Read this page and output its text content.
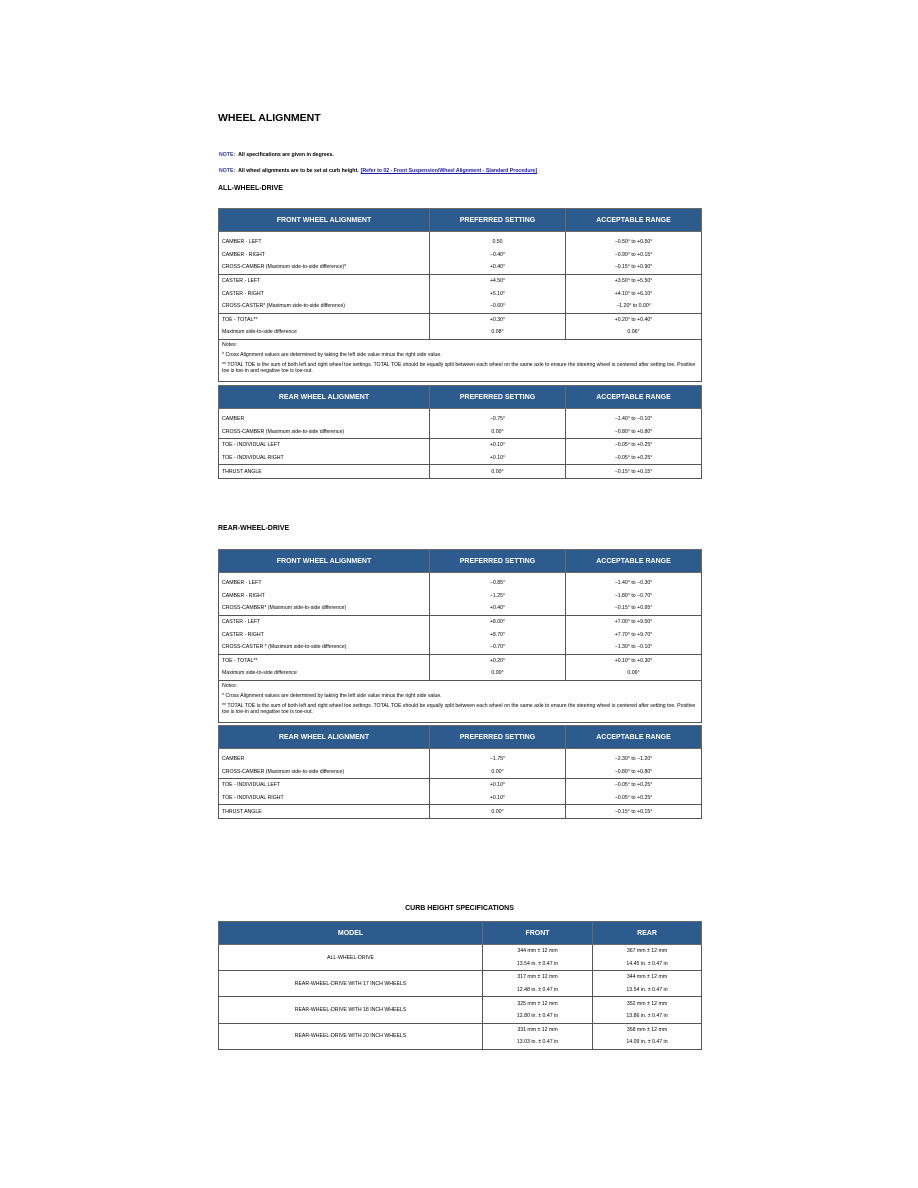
WHEEL ALIGNMENT
NOTE: All specifications are given in degrees.
NOTE: All wheel alignments are to be set at curb height. [Refer to 02 - Front Suspension/Wheel Alignment - Standard Procedure]
ALL-WHEEL-DRIVE
FRONT WHEEL ALIGNMENT	PREFERRED SETTING	ACCEPTABLE RANGE

CAMBER - LEFT	0.50	−0.50° to +0.50°
CAMBER - RIGHT	−0.40°	−0.90° to +0.15°
CROSS-CAMBER (Maximum side-to-side difference)*	+0.40°	−0.15° to +0.90°
CASTER - LEFT	+4.50°	+3.50° to +5.50°
CASTER - RIGHT	+5.10°	+4.10° to +6.10°
CROSS-CASTER* (Maximum side-to-side difference)	−0.60°	−1.20° to 0.00°
TOE - TOTAL**	+0.30°	+0.20° to +0.40°
Maximum side-to-side difference	0.08°	0.06°

Notes:
* Cross Alignment values are determined by taking the left side value minus the right side value.
** TOTAL TOE is the sum of both left and right wheel toe settings. TOTAL TOE should be equally split between each wheel on the same axle to ensure the steering wheel is centered after setting toe. Positive toe is toe-in and negative toe is toe-out.		
REAR WHEEL ALIGNMENT	PREFERRED SETTING	ACCEPTABLE RANGE

CAMBER	−0.75°	−1.40° to −0.10°
CROSS-CAMBER (Maximum side-to-side difference)	0.00°	−0.80° to +0.80°
TOE - INDIVIDUAL LEFT	+0.10°	−0.05° to +0.25°
TOE - INDIVIDUAL RIGHT	+0.10°	−0.05° to +0.25°
THRUST ANGLE	0.00°	−0.15° to +0.15°
REAR-WHEEL-DRIVE
FRONT WHEEL ALIGNMENT	PREFERRED SETTING	ACCEPTABLE RANGE

CAMBER - LEFT	−0.85°	−1.40° to −0.30°
CAMBER - RIGHT	−1.25°	−1.80° to −0.70°
CROSS-CAMBER* (Maximum side-to-side difference)	+0.40°	−0.15° to +0.95°
CASTER - LEFT	+8.00°	+7.00° to +9.00°
CASTER - RIGHT	+8.70°	+7.70° to +9.70°
CROSS-CASTER * (Maximum side-to-side difference)	−0.70°	−1.30° to −0.10°
TOE - TOTAL**	+0.20°	+0.10° to +0.30°
Maximum side-to-side difference	0.00°	0.06°

Notes:
* Cross Alignment values are determined by taking the left side value minus the right side value.
** TOTAL TOE is the sum of both left and right wheel toe settings. TOTAL TOE should be equally split between each wheel on the same axle to ensure the steering wheel is centered after setting toe. Positive toe is toe-in and negative toe is toe-out.		
REAR WHEEL ALIGNMENT	PREFERRED SETTING	ACCEPTABLE RANGE

CAMBER	−1.75°	−2.30° to −1.20°
CROSS-CAMBER (Maximum side-to-side difference)	0.00°	−0.80° to +0.80°
TOE - INDIVIDUAL LEFT	+0.10°	−0.05° to +0.25°
TOE - INDIVIDUAL RIGHT	+0.10°	−0.05° to +0.25°
THRUST ANGLE	0.00°	−0.15° to +0.15°
CURB HEIGHT SPECIFICATIONS
MODEL	FRONT	REAR
ALL-WHEEL-DRIVE	344 mm ± 12 mm	367 mm ± 12 mm
	13.54 in. ± 0.47 in	14.45 in. ± 0.47 in
REAR-WHEEL-DRIVE WITH 17 INCH WHEELS	317 mm ± 12 mm	344 mm ± 12 mm
	12.48 in. ± 0.47 in	13.54 in. ± 0.47 in
REAR-WHEEL-DRIVE WITH 18 INCH WHEELS	325 mm ± 12 mm	352 mm ± 12 mm
	12.80 in. ± 0.47 in	13.86 in. ± 0.47 in
REAR-WHEEL-DRIVE WITH 20 INCH WHEELS	331 mm ± 12 mm	358 mm ± 12 mm
	13.03 in. ± 0.47 in	14.09 in. ± 0.47 in
